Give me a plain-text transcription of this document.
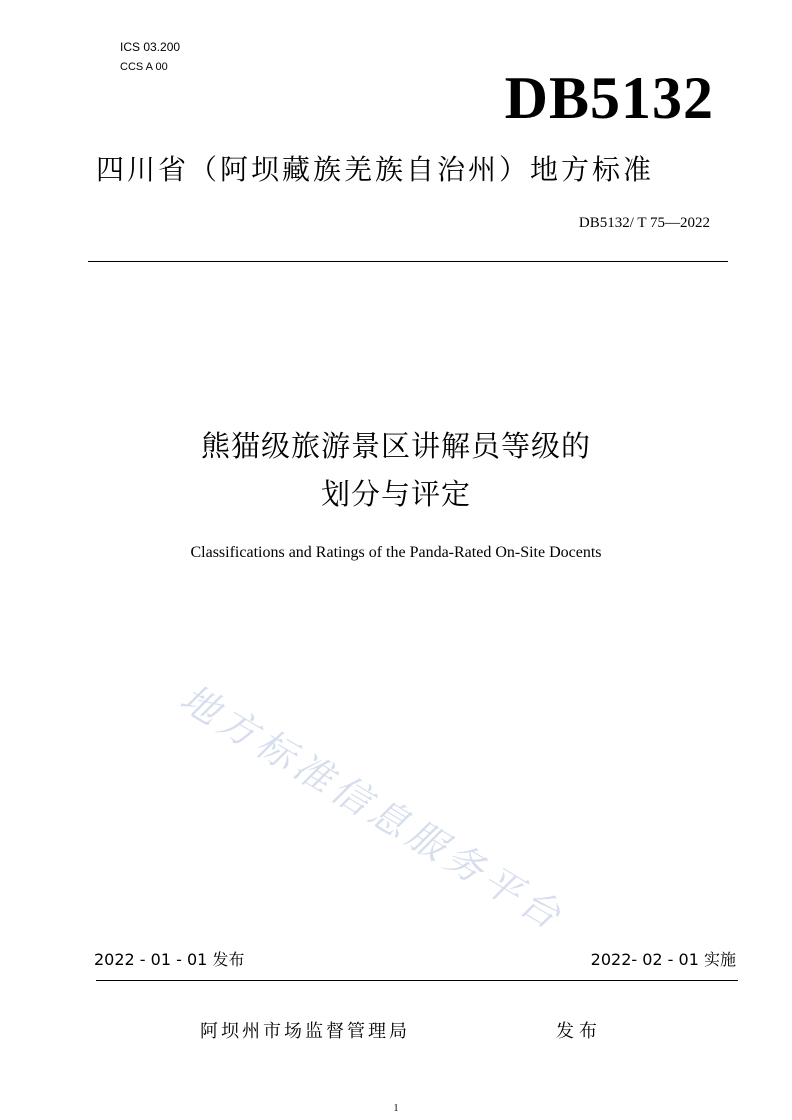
ICS 03.200
CCS A 00	DB5132
四川省（阿坝藏族羌族自治州）地方标准
DB5132/ T 75—2022
熊猫级旅游景区讲解员等级的
划分与评定
Classifications and Ratings of the Panda-Rated On-Site Docents
地方标准信息服务平台
2022 - 01 - 01 发布	2022- 02 - 01 实施
阿坝州市场监督管理局	发布
1
